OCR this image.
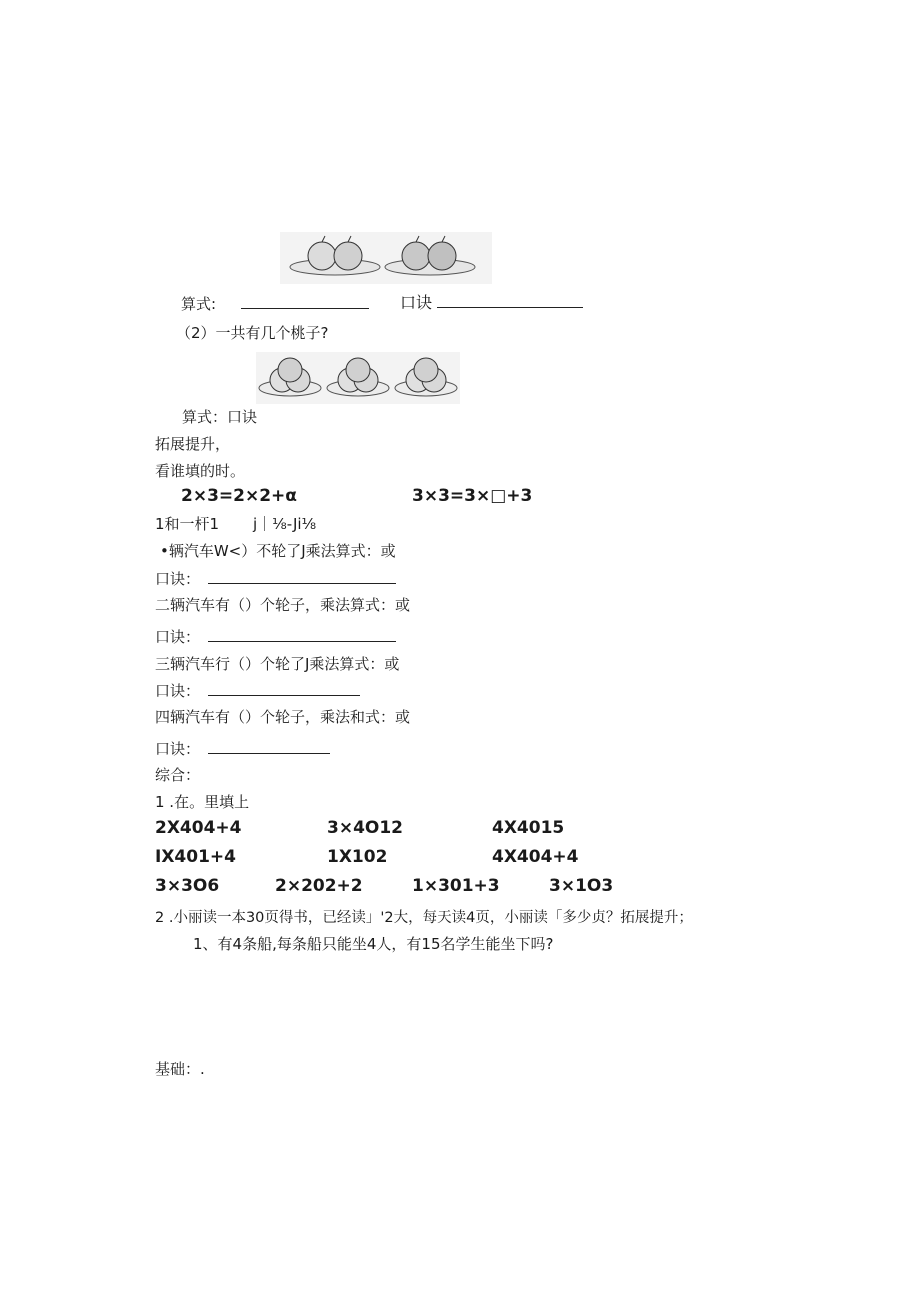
算式:	口诀
（2）一共有几个桃子?
算式：口诀
拓展提升，
看谁填的时。
2×3=2×2+α	3×3=3×□+3
1和一杆1 j｜⅛-Ji⅛
•辆汽车W<）不轮了J乘法算式：或
口诀：
二辆汽车有（）个轮子，乘法算式：或
口诀：
三辆汽车行（）个轮了J乘法算式：或
口诀：
四辆汽车有（）个轮子，乘法和式：或
口诀：
综合：
1 .在。里填上
2X404+4	3×4O12	4X4015
IX401+4	1X102	4X404+4
3×3O6	2×202+2	1×301+3	3×1O3
2 .小丽读一本30页得书，已经读」'2大，每天读4页，小丽读「多少贞？拓展提升；
1、有4条船,每条船只能坐4人，有15名学生能坐下吗?
基础：.
